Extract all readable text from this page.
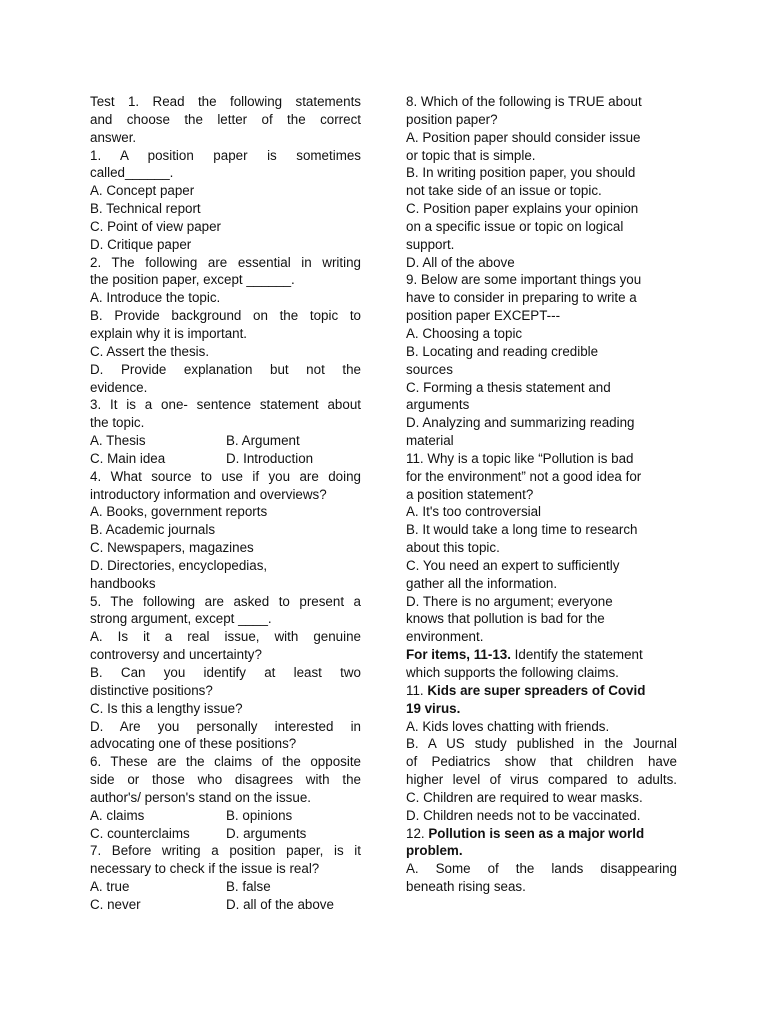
Test 1. Read the following statements
and choose the letter of the correct
answer.
1. A position paper is sometimes
called______.
A. Concept paper
B. Technical report
C. Point of view paper
D. Critique paper
2. The following are essential in writing
the position paper, except ______.
A. Introduce the topic.
B. Provide background on the topic to
explain why it is important.
C. Assert the thesis.
D. Provide explanation but not the
evidence.
3. It is a one- sentence statement about
the topic.
A. Thesis	B. Argument
C. Main idea	D. Introduction
4. What source to use if you are doing
introductory information and overviews?
A. Books, government reports
B. Academic journals
C. Newspapers, magazines
D. Directories, encyclopedias,
handbooks
5. The following are asked to present a
strong argument, except ____.
A. Is it a real issue, with genuine
controversy and uncertainty?
B. Can you identify at least two
distinctive positions?
C. Is this a lengthy issue?
D. Are you personally interested in
advocating one of these positions?
6. These are the claims of the opposite
side or those who disagrees with the
author's/ person's stand on the issue.
A. claims	B. opinions
C. counterclaims	D. arguments
7. Before writing a position paper, is it
necessary to check if the issue is real?
A. true	B. false
C. never	D. all of the above
8. Which of the following is TRUE about
position paper?
A. Position paper should consider issue
or topic that is simple.
B. In writing position paper, you should
not take side of an issue or topic.
C. Position paper explains your opinion
on a specific issue or topic on logical
support.
D. All of the above
9. Below are some important things you
have to consider in preparing to write a
position paper EXCEPT---
A. Choosing a topic
B. Locating and reading credible
sources
C. Forming a thesis statement and
arguments
D. Analyzing and summarizing reading
material
11. Why is a topic like “Pollution is bad
for the environment” not a good idea for
a position statement?
A. It's too controversial
B. It would take a long time to research
about this topic.
C. You need an expert to sufficiently
gather all the information.
D. There is no argument; everyone
knows that pollution is bad for the
environment.
For items, 11-13. Identify the statement
which supports the following claims.
11. Kids are super spreaders of Covid
19 virus.
A. Kids loves chatting with friends.
B. A US study published in the Journal
of Pediatrics show that children have
higher level of virus compared to adults.
C. Children are required to wear masks.
D. Children needs not to be vaccinated.
12. Pollution is seen as a major world
problem.
A. Some of the lands disappearing
beneath rising seas.
